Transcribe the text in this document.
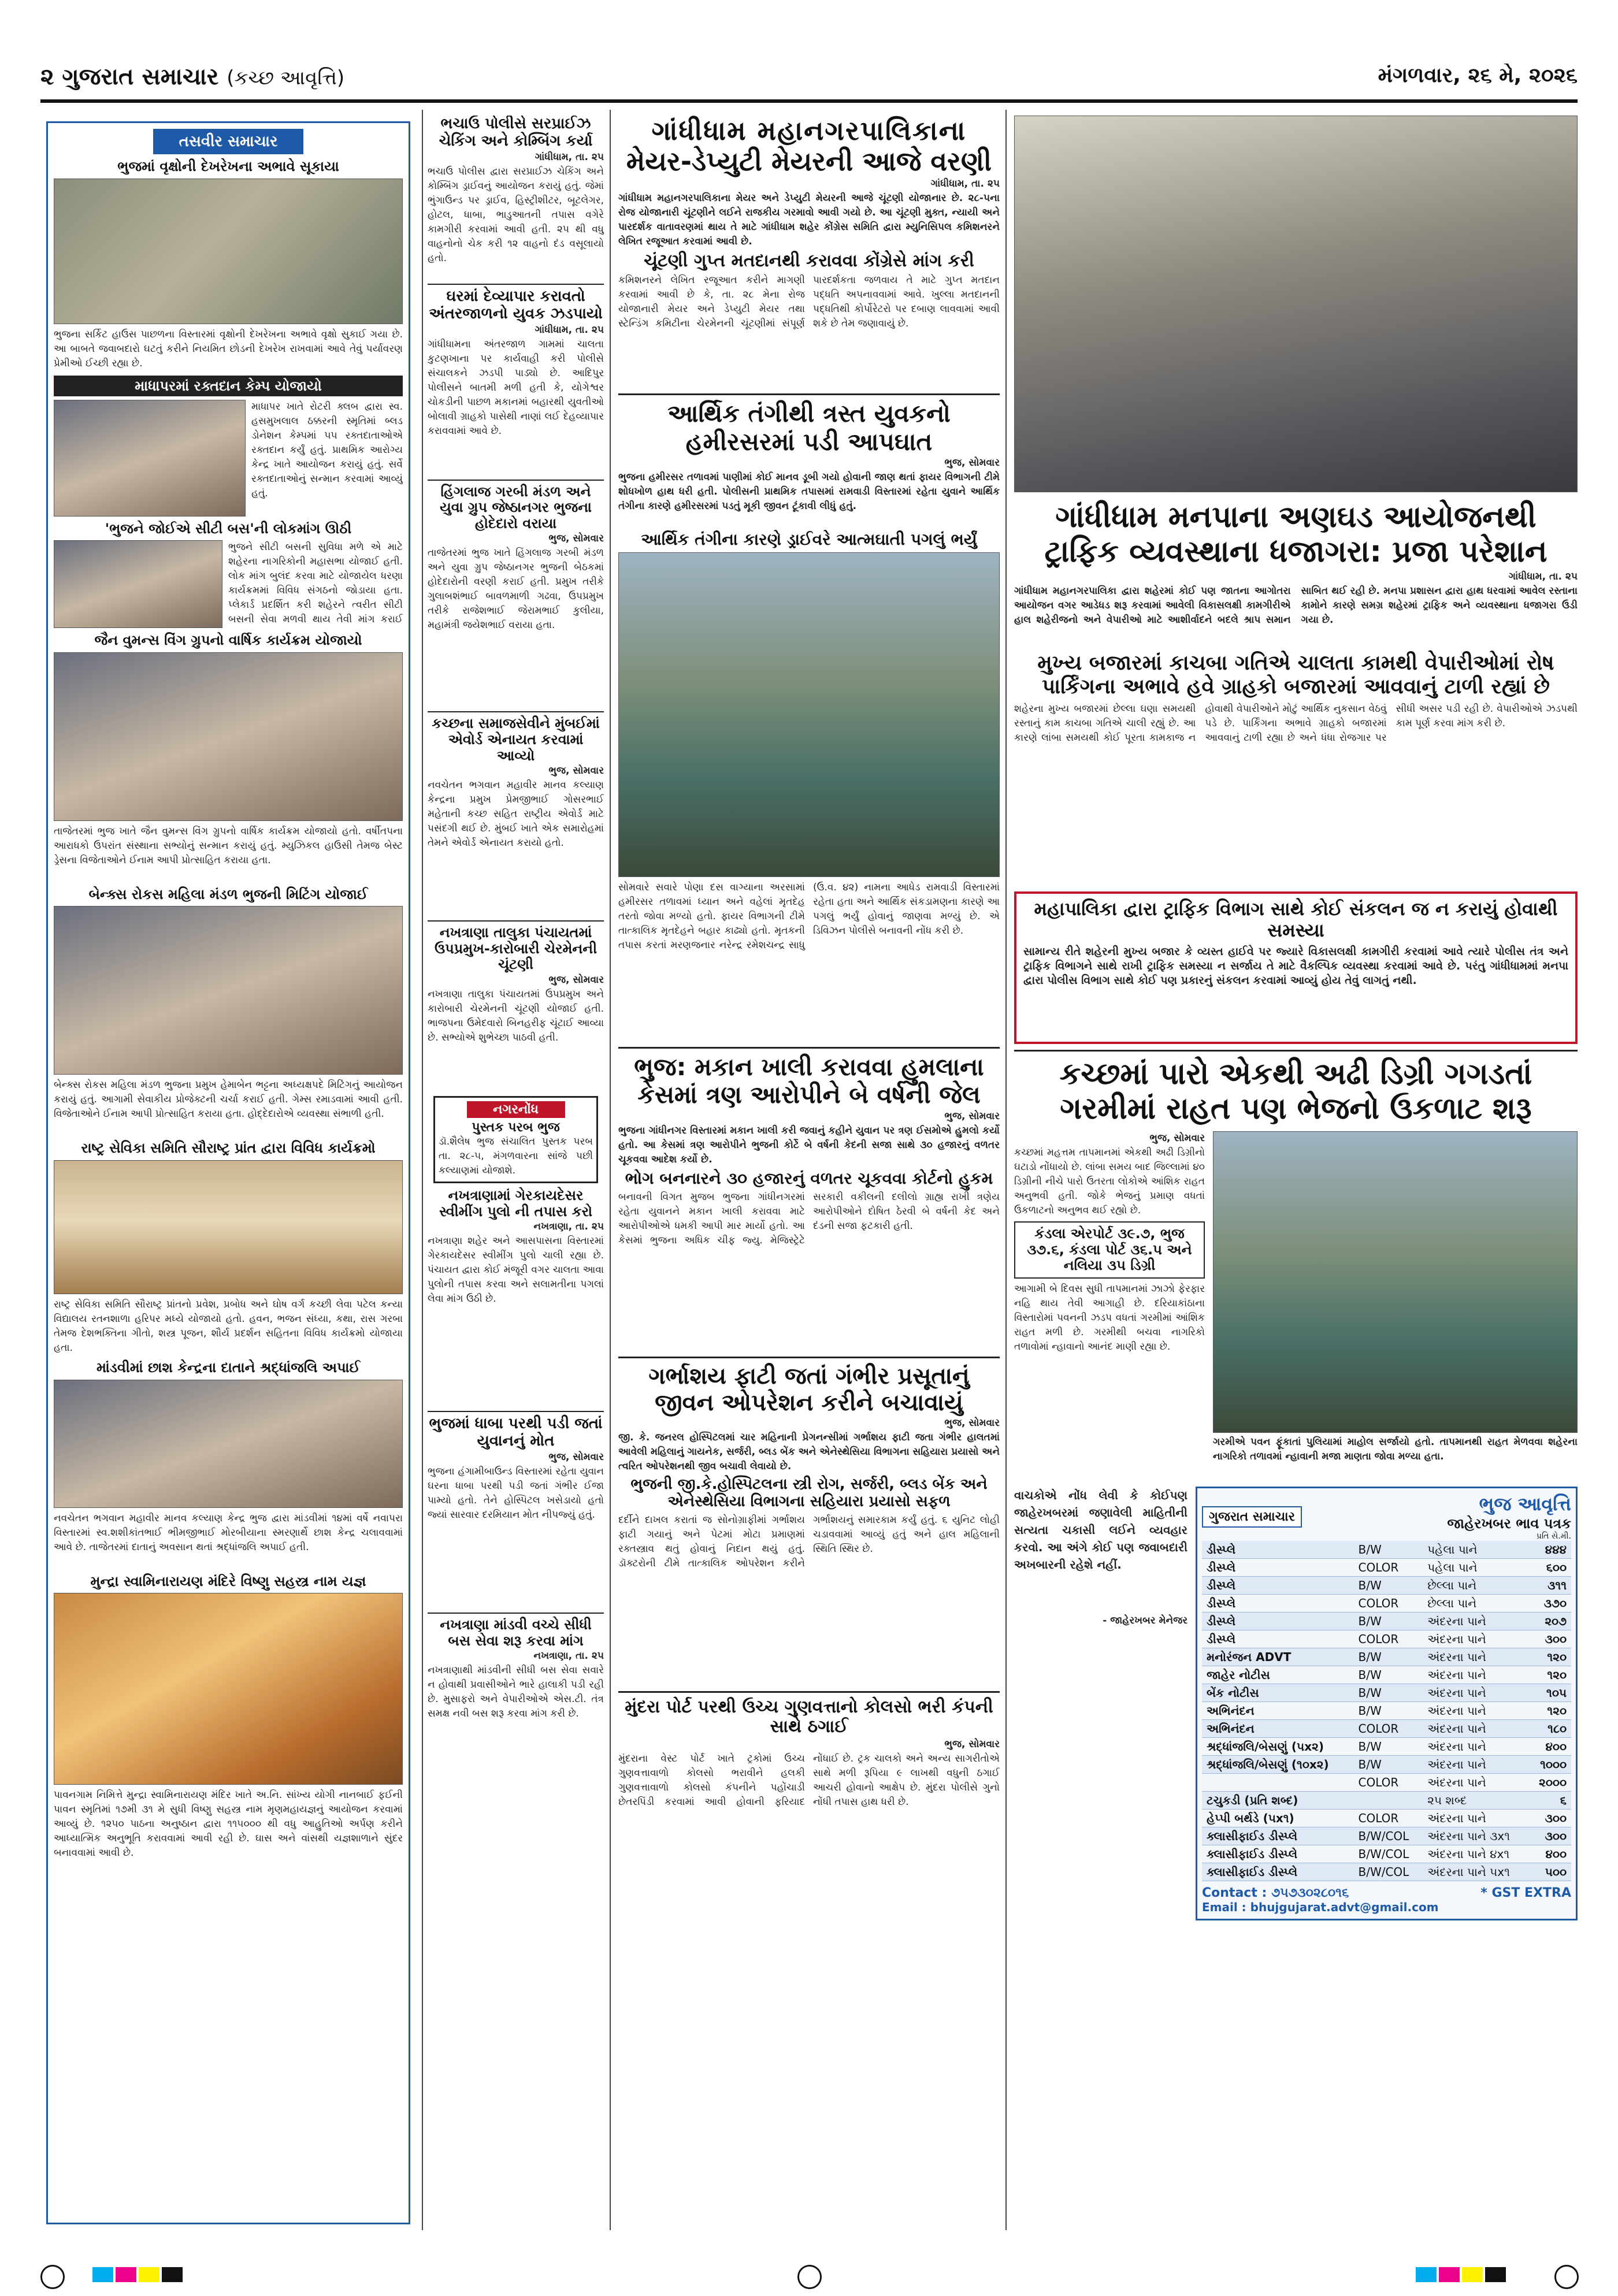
૨ ગુજરાત સમાચાર (કચ્છ આવૃત્તિ)	મંગળવાર, ૨૬ મે, ૨૦૨૬
તસવીર સમાચાર
ભુજમાં વૃક્ષોની દેખરેખના અભાવે સૂકાયા
ભુજના સર્કિટ હાઉસ પાછળના વિસ્તારમાં વૃક્ષોની દેખરેખના અભાવે વૃક્ષો સુકાઈ ગયા છે. આ બાબતે જવાબદારો ઘટતું કરીને નિયમિત છોડની દેખરેખ રાખવામાં આવે તેવું પર્યાવરણ પ્રેમીઓ ઈચ્છી રહ્યા છે.
માધાપરમાં રક્તદાન કેમ્પ યોજાયો
માધાપર ખાતે રોટરી ક્લબ દ્વારા સ્વ. હસમુખલાલ ઠક્કરની સ્મૃતિમાં બ્લડ ડોનેશન કેમ્પમાં ૫૫ રક્તદાતાઓએ રક્તદાન કર્યું હતું. પ્રાથમિક આરોગ્ય કેન્દ્ર ખાતે આયોજન કરાયું હતું. સર્વે રક્તદાતાઓનું સન્માન કરવામાં આવ્યું હતું.
'ભુજને જોઈએ સીટી બસ'ની લોકમાંગ ઊઠી
ભુજને સીટી બસની સુવિધા મળે એ માટે શહેરના નાગરિકોની મહાસભા યોજાઈ હતી. લોક માંગ બુલંદ કરવા માટે યોજાયેલ ધરણા કાર્યક્રમમાં વિવિધ સંગઠનો જોડાયા હતા. પ્લેકાર્ડ પ્રદર્શિત કરી શહેરને ત્વરીત સીટી બસની સેવા મળવી થાય તેવી માંગ કરાઈ
જૈન વુમન્સ વિંગ ગ્રુપનો વાર્ષિક કાર્યક્રમ યોજાયો
તાજેતરમાં ભુજ ખાતે જૈન વુમન્સ વિંગ ગ્રુપનો વાર્ષિક કાર્યક્રમ યોજાયો હતો. વર્ષીતપના આરાધકો ઉપરાંત સંસ્થાના સભ્યોનું સન્માન કરાયું હતું. મ્યુઝિકલ હાઉસી તેમજ બેસ્ટ ડ્રેસના વિજેતાઓને ઈનામ આપી પ્રોત્સાહિત કરાયા હતા.
બેન્ક્સ રોકસ મહિલા મંડળ ભુજની મિટિંગ યોજાઈ
બેન્ક્સ રોકસ મહિલા મંડળ ભુજના પ્રમુખ હેમાબેન ભટ્ટના અધ્યક્ષપદે મિટિંગનું આયોજન કરાયું હતું. આગામી સેવાકીય પ્રોજેક્ટની ચર્ચા કરાઈ હતી. ગેમ્સ રમાડવામાં આવી હતી. વિજેતાઓને ઈનામ આપી પ્રોત્સાહિત કરાયા હતા. હોદ્દેદારોએ વ્યવસ્થા સંભાળી હતી.
રાષ્ટ્ર સેવિકા સમિતિ સૌરાષ્ટ્ર પ્રાંત દ્વારા વિવિધ કાર્યક્રમો
રાષ્ટ્ર સેવિકા સમિતિ સૌરાષ્ટ્ર પ્રાંતનો પ્રવેશ, પ્રબોધ અને ઘોષ વર્ગ કચ્છી લેવા પટેલ કન્યા વિદ્યાલય રતનશાળા હરિપર મધ્યે યોજાયો હતો. હવન, ભજન સંધ્યા, કથા, રાસ ગરબા તેમજ દેશભક્તિના ગીતો, શસ્ત્ર પૂજન, શૌર્ય પ્રદર્શન સહિતના વિવિધ કાર્યક્રમો યોજાયા હતા.
માંડવીમાં છાશ કેન્દ્રના દાતાને શ્રદ્ધાંજલિ અપાઈ
નવચેતન ભગવાન મહાવીર માનવ કલ્યાણ કેન્દ્ર ભુજ દ્વારા માંડવીમાં ૧૪માં વર્ષે નવાપરા વિસ્તારમાં સ્વ.શશીકાંતભાઈ ભીમજીભાઈ મોરબીયાના સ્મરણાર્થે છાશ કેન્દ્ર ચલાવવામાં આવે છે. તાજેતરમાં દાતાનું અવસાન થતાં શ્રદ્ધાંજલિ અપાઈ હતી.
મુન્દ્રા સ્વામિનારાયણ મંદિરે વિષ્ણુ સહસ્ત્ર નામ યજ્ઞ
પાવનગામ નિમિત્તે મુન્દ્રા સ્વામિનારાયણ મંદિર ખાતે અ.નિ. સાંખ્ય યોગી નાનબાઈ ફઈની પાવન સ્મૃતિમાં ૧૭મી ૩૧ મે સુધી વિષ્ણુ સહસ્ત્ર નામ મૃણમહાયજ્ઞનું આયોજન કરવામાં આવ્યું છે. ૧૨૫૦ પાઠના અનુષ્ઠાન દ્વારા ૧૧૫૦૦૦ થી વધુ આહુતિઓ અર્પણ કરીને આધ્યાત્મિક અનુભૂતિ કરાવવામાં આવી રહી છે. ઘાસ અને વાંસથી યજ્ઞશાળાને સુંદર બનાવવામાં આવી છે.
ભચાઉ પોલીસે સરપ્રાઈઝ ચેકિંગ અને કોમ્બિંગ કર્યા
ગાંધીધામ, તા. ૨૫
ભચાઉ પોલીસ દ્વારા સરપ્રાઈઝ ચેકિંગ અને કોમ્બિંગ ડ્રાઈવનું આયોજન કરાયું હતું. જેમાં ભુંગાઉન્ડ પર ડ્રાઈવ, હિસ્ટ્રીશીટર, બૂટલેગર, હોટલ, ધાબા, ભાડુઆતની તપાસ વગેરે કામગીરી કરવામાં આવી હતી. ૨૫ થી વધુ વાહનોનો ચેક કરી ૧૨ વાહનો દંડ વસૂલાયો હતો.
ઘરમાં દેવ્યાપાર કરાવતો અંતરજાળનો યુવક ઝડપાયો
ગાંધીધામ, તા. ૨૫
ગાંધીધામના અંતરજાળ ગામમાં ચાલતા કુટણખાના પર કાર્યવાહી કરી પોલીસે સંચાલકને ઝડપી પાડ્યો છે. આદિપુર પોલીસને બાતમી મળી હતી કે, યોગેશ્વર ચોકડીની પાછળ મકાનમાં બહારથી યુવતીઓ બોલાવી ગ્રાહકો પાસેથી નાણાં લઈ દેહવ્યાપાર કરાવવામાં આવે છે.
હિંગલાજ ગરબી મંડળ અને યુવા ગ્રુપ જેષ્ઠાનગર ભુજના હોદેદારો વરાયા
ભુજ, સોમવાર
તાજેતરમાં ભુજ ખાતે હિંગલાજ ગરબી મંડળ અને યુવા ગ્રુપ જેષ્ઠાનગર ભુજની બેઠકમાં હોદેદારોની વરણી કરાઈ હતી. પ્રમુખ તરીકે ગુલાબશંભાઈ બાવળમાળી ગઢવા, ઉપપ્રમુખ તરીકે રાજેશભાઈ જેરામભાઈ કુલીયા, મહામંત્રી જયેશભાઈ વરાયા હતા.
કચ્છના સમાજસેવીને મુંબઈમાં એવોર્ડ એનાયત કરવામાં આવ્યો
ભુજ, સોમવાર
નવચેતન ભગવાન મહાવીર માનવ કલ્યાણ કેન્દ્રના પ્રમુખ પ્રેમજીભાઈ ગોસરભાઈ મહેતાની કચ્છ સહિત રાષ્ટ્રીય એવોર્ડ માટે પસંદગી થઈ છે. મુંબઈ ખાતે એક સમારોહમાં તેમને એવોર્ડ એનાયત કરાયો હતો.
નખત્રાણા તાલુકા પંચાયતમાં ઉપપ્રમુખ-કારોબારી ચેરમેનની ચૂંટણી
ભુજ, સોમવાર
નખત્રાણા તાલુકા પંચાયતમાં ઉપપ્રમુખ અને કારોબારી ચેરમેનની ચૂંટણી યોજાઈ હતી. ભાજપના ઉમેદવારો બિનહરીફ ચૂંટાઈ આવ્યા છે. સભ્યોએ શુભેચ્છા પાઠવી હતી.
નગરનોંધ
પુસ્તક પરબ ભુજ
ડૉ.શૈલેષ ભુજ સંચાલિત પુસ્તક પરબ તા. ૨૮-૫, મંગળવારના સાંજે પછી કલ્યાણમાં યોજાશે.
નખત્રાણામાં ગેરકાયદેસર સ્વીમીંગ પુલો ની તપાસ કરો
નખત્રાણા, તા. ૨૫
નખત્રાણા શહેર અને આસપાસના વિસ્તારમાં ગેરકાયદેસર સ્વીમીંગ પુલો ચાલી રહ્યા છે. પંચાયત દ્વારા કોઈ મંજૂરી વગર ચાલતા આવા પુલોની તપાસ કરવા અને સલામતીના પગલાં લેવા માંગ ઉઠી છે.
ભુજમાં ધાબા પરથી પડી જતાં યુવાનનું મોત
ભુજ, સોમવાર
ભુજના હંગામીબાઉન્ડ વિસ્તારમાં રહેતા યુવાન ઘરના ધાબા પરથી પડી જતાં ગંભીર ઈજા પામ્યો હતો. તેને હોસ્પિટલ ખસેડાયો હતો જ્યાં સારવાર દરમિયાન મોત નીપજ્યું હતું.
નખત્રાણા માંડવી વચ્ચે સીધી બસ સેવા શરૂ કરવા માંગ
નખત્રાણા, તા. ૨૫
નખત્રાણાથી માંડવીની સીધી બસ સેવા સવારે ન હોવાથી પ્રવાસીઓને ભારે હાલાકી પડી રહી છે. મુસાફરો અને વેપારીઓએ એસ.ટી. તંત્ર સમક્ષ નવી બસ શરૂ કરવા માંગ કરી છે.
ગાંધીધામ મહાનગરપાલિકાના
મેયર-ડેપ્યુટી મેયરની આજે વરણી
ગાંધીધામ, તા. ૨૫
ગાંધીધામ મહાનગરપાલિકાના મેયર અને ડેપ્યુટી મેયરની આજે ચૂંટણી યોજાનાર છે. ૨૮-૫ના રોજ યોજાનારી ચૂંટણીને લઈને રાજકીય ગરમાવો આવી ગયો છે. આ ચૂંટણી મુક્ત, ન્યાયી અને પારદર્શક વાતાવરણમાં થાય તે માટે ગાંધીધામ શહેર કોંગ્રેસ સમિતિ દ્વારા મ્યુનિસિપલ કમિશનરને લેખિત રજૂઆત કરવામાં આવી છે.
ચૂંટણી ગુપ્ત મતદાનથી કરાવવા કોંગ્રેસે માંગ કરી
કમિશનરને લેખિત રજૂઆત કરીને માગણી કરવામાં આવી છે કે, તા. ૨૮ મેના રોજ યોજાનારી મેયર અને ડેપ્યુટી મેયર તથા સ્ટેન્ડિંગ કમિટીના ચેરમેનની ચૂંટણીમાં સંપૂર્ણ પારદર્શકતા જળવાય તે માટે ગુપ્ત મતદાન પદ્ધતિ અપનાવવામાં આવે. ખુલ્લા મતદાનની પદ્ધતિથી કોર્પોરેટરો પર દબાણ લાવવામાં આવી શકે છે તેમ જણાવાયું છે.
આર્થિક તંગીથી ત્રસ્ત યુવકનો
હમીરસરમાં પડી આપઘાત
ભુજ, સોમવાર
ભુજના હમીરસર તળાવમાં પાણીમાં કોઈ માનવ ડૂબી ગયો હોવાની જાણ થતાં ફાયર વિભાગની ટીમે શોધખોળ હાથ ધરી હતી. પોલીસની પ્રાથમિક તપાસમાં રામવાડી વિસ્તારમાં રહેતા યુવાને આર્થિક તંગીના કારણે હમીરસરમાં પડતું મૂકી જીવન ટૂંકાવી લીધું હતું.
આર્થિક તંગીના કારણે ડ્રાઈવરે આત્મઘાતી પગલું ભર્યું
સોમવારે સવારે પોણા દસ વાગ્યાના અરસામાં હમીરસર તળાવમાં ધ્યાન અને વહેલાં મૃતદેહ તરતો જોવા મળ્યો હતો. ફાયર વિભાગની ટીમે તાત્કાલિક મૃતદેહને બહાર કાઢ્યો હતો. મૃતકની તપાસ કરતાં મરણજનાર નરેન્દ્ર રમેશચન્દ્ર સાધુ (ઉ.વ. ૪૨) નામના આધેડ રામવાડી વિસ્તારમાં રહેતા હતા અને આર્થિક સંકડામણના કારણે આ પગલું ભર્યું હોવાનું જાણવા મળ્યું છે. એ ડિવિઝન પોલીસે બનાવની નોંધ કરી છે.
ભુજ: મકાન ખાલી કરાવવા હુમલાના
કેસમાં ત્રણ આરોપીને બે વર્ષની જેલ
ભુજ, સોમવાર
ભુજના ગાંધીનગર વિસ્તારમાં મકાન ખાલી કરી જવાનું કહીને યુવાન પર ત્રણ ઈસમોએ હુમલો કર્યો હતો. આ કેસમાં ત્રણ આરોપીને ભુજની કોર્ટે બે વર્ષની કેદની સજા સાથે ૩૦ હજારનું વળતર ચૂકવવા આદેશ કર્યો છે.
ભોગ બનનારને ૩૦ હજારનું વળતર ચૂકવવા કોર્ટનો હુકમ
બનાવની વિગત મુજબ ભુજના ગાંધીનગરમાં રહેતા યુવાનને મકાન ખાલી કરાવવા માટે આરોપીઓએ ધમકી આપી માર માર્યો હતો. આ કેસમાં ભુજના અધિક ચીફ જ્યુ. મેજિસ્ટ્રેટે સરકારી વકીલની દલીલો ગ્રાહ્ય રાખી ત્રણેય આરોપીઓને દોષિત ઠેરવી બે વર્ષની કેદ અને દંડની સજા ફટકારી હતી.
ગર્ભાશય ફાટી જતાં ગંભીર પ્રસૂતાનું
જીવન ઓપરેશન કરીને બચાવાયું
ભુજ, સોમવાર
જી. કે. જનરલ હોસ્પિટલમાં ચાર મહિનાની પ્રેગનન્સીમાં ગર્ભાશય ફાટી જતા ગંભીર હાલતમાં આવેલી મહિલાનું ગાયનેક, સર્જરી, બ્લડ બેંક અને એનેસ્થેસિયા વિભાગના સહિયારા પ્રયાસો અને ત્વરિત ઓપરેશનથી જીવ બચાવી લેવાયો છે.
ભુજની જી.કે.હોસ્પિટલના સ્ત્રી રોગ, સર્જરી, બ્લડ બેંક અને એનેસ્થેસિયા વિભાગના સહિયારા પ્રયાસો સફળ
દર્દીને દાખલ કરાતાં જ સોનોગ્રાફીમાં ગર્ભાશય ફાટી ગયાનું અને પેટમાં મોટા પ્રમાણમાં રક્તસ્ત્રાવ થતું હોવાનું નિદાન થયું હતું. ડૉક્ટરોની ટીમે તાત્કાલિક ઓપરેશન કરીને ગર્ભાશયનું સમારકામ કર્યું હતું. ૬ યુનિટ લોહી ચડાવવામાં આવ્યું હતું અને હાલ મહિલાની સ્થિતિ સ્થિર છે.
મુંદરા પોર્ટ પરથી ઉચ્ચ ગુણવત્તાનો કોલસો ભરી કંપની સાથે ઠગાઈ
ભુજ, સોમવાર
મુંદરાના વેસ્ટ પોર્ટ ખાતે ટ્રકોમાં ઉચ્ચ ગુણવત્તાવાળો કોલસો ભરાવીને હલકી ગુણવત્તાવાળો કોલસો કંપનીને પહોંચાડી છેતરપિંડી કરવામાં આવી હોવાની ફરિયાદ નોંધાઈ છે. ટ્રક ચાલકો અને અન્ય સાગરીતોએ સાથે મળી રૂપિયા ૯ લાખથી વધુની ઠગાઈ આચરી હોવાનો આક્ષેપ છે. મુંદરા પોલીસે ગુનો નોંધી તપાસ હાથ ધરી છે.
ગાંધીધામ મનપાના અણઘડ આયોજનથી
ટ્રાફિક વ્યવસ્થાના ધજાગરા: પ્રજા પરેશાન
ગાંધીધામ, તા. ૨૫
ગાંધીધામ મહાનગરપાલિકા દ્વારા શહેરમાં કોઈ પણ જાતના આગોતરા આયોજન વગર આડેધડ શરૂ કરવામાં આવેલી વિકાસલક્ષી કામગીરીએ હાલ શહેરીજનો અને વેપારીઓ માટે આશીર્વાદને બદલે શ્રાપ સમાન સાબિત થઈ રહી છે. મનપા પ્રશાસન દ્વારા હાથ ધરવામાં આવેલ રસ્તાના કામોને કારણે સમગ્ર શહેરમાં ટ્રાફિક અને વ્યવસ્થાના ધજાગરા ઉડી ગયા છે.
મુખ્ય બજારમાં કાચબા ગતિએ ચાલતા કામથી વેપારીઓમાં રોષ
પાર્કિંગના અભાવે હવે ગ્રાહકો બજારમાં આવવાનું ટાળી રહ્યાં છે
શહેરના મુખ્ય બજારમાં છેલ્લા ઘણા સમયથી રસ્તાનું કામ કાચબા ગતિએ ચાલી રહ્યું છે. આ કારણે લાંબા સમયથી કોઈ પૂરતા કામકાજ ન હોવાથી વેપારીઓને મોટું આર્થિક નુકસાન વેઠવું પડે છે. પાર્કિંગના અભાવે ગ્રાહકો બજારમાં આવવાનું ટાળી રહ્યા છે અને ધંધા રોજગાર પર સીધી અસર પડી રહી છે. વેપારીઓએ ઝડપથી કામ પૂર્ણ કરવા માંગ કરી છે.
મહાપાલિકા દ્વારા ટ્રાફિક વિભાગ સાથે કોઈ સંકલન જ ન કરાયું હોવાથી સમસ્યા
સામાન્ય રીતે શહેરની મુખ્ય બજાર કે વ્યસ્ત હાઈવે પર જ્યારે વિકાસલક્ષી કામગીરી કરવામાં આવે ત્યારે પોલીસ તંત્ર અને ટ્રાફિક વિભાગને સાથે રાખી ટ્રાફિક સમસ્યા ન સર્જાય તે માટે વૈકલ્પિક વ્યવસ્થા કરવામાં આવે છે. પરંતુ ગાંધીધામમાં મનપા દ્વારા પોલીસ વિભાગ સાથે કોઈ પણ પ્રકારનું સંકલન કરવામાં આવ્યું હોય તેવું લાગતું નથી.
કચ્છમાં પારો એકથી અઢી ડિગ્રી ગગડતાં
ગરમીમાં રાહત પણ ભેજનો ઉકળાટ શરૂ
ભુજ, સોમવાર
કચ્છમાં મહત્તમ તાપમાનમાં એકથી અઢી ડિગ્રીનો ઘટાડો નોંધાયો છે. લાંબા સમય બાદ જિલ્લામાં ૪૦ ડિગ્રીની નીચે પારો ઉતરતા લોકોએ આંશિક રાહત અનુભવી હતી. જોકે ભેજનું પ્રમાણ વધતાં ઉકળાટનો અનુભવ થઈ રહ્યો છે.
કંડલા એરપોર્ટ ૩૯.૭, ભુજ ૩૭.૬, કંડલા પોર્ટ ૩૬.૫ અને નલિયા ૩૫ ડિગ્રી
આગામી બે દિવસ સુધી તાપમાનમાં ઝાઝો ફેરફાર નહિ થાય તેવી આગાહી છે. દરિયાકાંઠાના વિસ્તારોમાં પવનની ઝડપ વધતાં ગરમીમાં આંશિક રાહત મળી છે. ગરમીથી બચવા નાગરિકો તળાવોમાં ન્હાવાનો આનંદ માણી રહ્યા છે.
ગરમીએ પવન ફૂંકાતાં પુલિયામાં માહોલ સર્જાયો હતો. તાપમાનથી રાહત મેળવવા શહેરના નાગરિકો તળાવમાં ન્હાવાની મજા માણતા જોવા મળ્યા હતા.
વાચકોએ નોંધ લેવી કે કોઈપણ જાહેરખબરમાં જણાવેલી માહિતીની સત્યતા ચકાસી લઈને વ્યવહાર કરવો. આ અંગે કોઈ પણ જવાબદારી અખબારની રહેશે નહીં.
- જાહેરખબર મેનેજર
ગુજરાત સમાચાર
ભુજ આવૃત્તિ
જાહેરખબર ભાવ પત્રક
પ્રતિ સે.મી.
ડીસ્પ્લે	B/W	પહેલા પાને	૪૪૪
ડીસ્પ્લે	COLOR	પહેલા પાને	૬૦૦
ડીસ્પ્લે	B/W	છેલ્લા પાને	૩૧૧
ડીસ્પ્લે	COLOR	છેલ્લા પાને	૩૭૦
ડીસ્પ્લે	B/W	અંદરના પાને	૨૦૭
ડીસ્પ્લે	COLOR	અંદરના પાને	૩૦૦
મનોરંજન ADVT	B/W	અંદરના પાને	૧૨૦
જાહેર નોટીસ	B/W	અંદરના પાને	૧૨૦
બેંક નોટીસ	B/W	અંદરના પાને	૧૦૫
અભિનંદન	B/W	અંદરના પાને	૧૨૦
અભિનંદન	COLOR	અંદરના પાને	૧૮૦
શ્રદ્ધાંજલિ/બેસણું (૫x૨)	B/W	અંદરના પાને	૪૦૦
શ્રદ્ધાંજલિ/બેસણું (૧૦x૨)	B/W	અંદરના પાને	૧૦૦૦
	COLOR	અંદરના પાને	૨૦૦૦
ટચુકડી (પ્રતિ શબ્દ)		૨૫ શબ્દ	૬
હેપ્પી બર્થડે (૫x૧)	COLOR	અંદરના પાને	૩૦૦
ક્લાસીફાઈડ ડીસ્પ્લે	B/W/COL	અંદરના પાને ૩x૧	૩૦૦
ક્લાસીફાઈડ ડીસ્પ્લે	B/W/COL	અંદરના પાને ૪x૧	૪૦૦
ક્લાસીફાઈડ ડીસ્પ્લે	B/W/COL	અંદરના પાને ૫x૧	૫૦૦
Contact : ૭૫૭૩૦૨૮૦૧૬	* GST EXTRA
Email : bhujgujarat.advt@gmail.com
